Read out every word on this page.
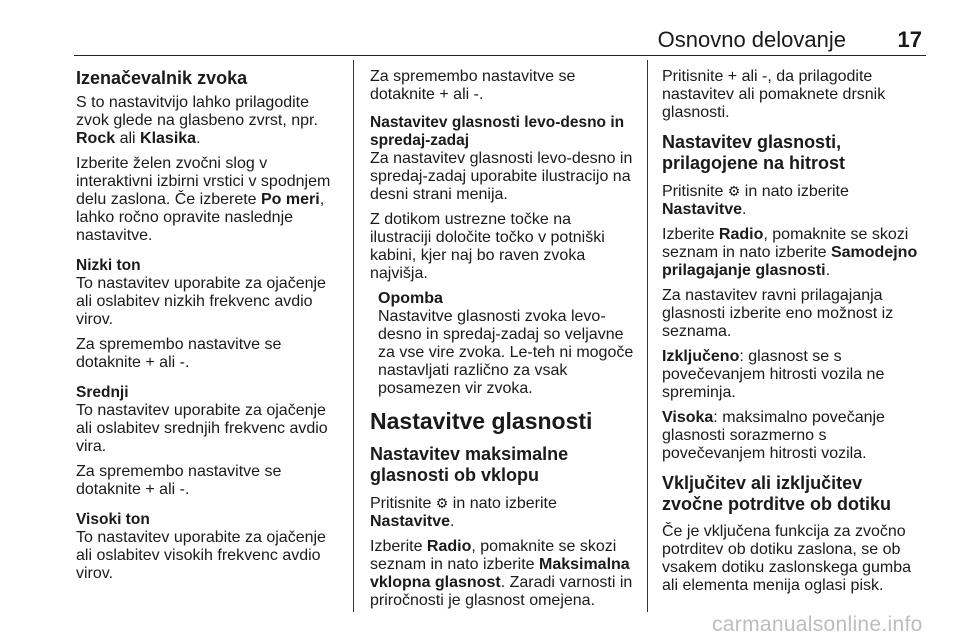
Osnovno delovanje 17
Izenačevalnik zvoka

S to nastavitvijo lahko prilagodite zvok glede na glasbeno zvrst, npr. Rock ali Klasika.

Izberite želen zvočni slog v interaktivni izbirni vrstici v spodnjem delu zaslona. Če izberete Po meri, lahko ročno opravite naslednje nastavitve.

Nizki ton

To nastavitev uporabite za ojačenje ali oslabitev nizkih frekvenc avdio virov.

Za spremembo nastavitve se dotaknite + ali -.

Srednji

To nastavitev uporabite za ojačenje ali oslabitev srednjih frekvenc avdio vira.

Za spremembo nastavitve se dotaknite + ali -.

Visoki ton

To nastavitev uporabite za ojačenje ali oslabitev visokih frekvenc avdio virov.

Za spremembo nastavitve se dotaknite + ali -.

Nastavitev glasnosti levo-desno in spredaj-zadaj

Za nastavitev glasnosti levo-desno in spredaj-zadaj uporabite ilustracijo na desni strani menija.

Z dotikom ustrezne točke na ilustraciji določite točko v potniški kabini, kjer naj bo raven zvoka najvišja.

Opomba
Nastavitve glasnosti zvoka levo-desno in spredaj-zadaj so veljavne za vse vire zvoka. Le-teh ni mogoče nastavljati različno za vsak posamezen vir zvoka.
Nastavitve glasnosti
Nastavitev maksimalne glasnosti ob vklopu

Pritisnite ⚙ in nato izberite Nastavitve.

Izberite Radio, pomaknite se skozi seznam in nato izberite Maksimalna vklopna glasnost. Zaradi varnosti in priročnosti je glasnost omejena.

Pritisnite + ali -, da prilagodite nastavitev ali pomaknete drsnik glasnosti.

Nastavitev glasnosti, prilagojene na hitrost

Pritisnite ⚙ in nato izberite Nastavitve.

Izberite Radio, pomaknite se skozi seznam in nato izberite Samodejno prilagajanje glasnosti.

Za nastavitev ravni prilagajanja glasnosti izberite eno možnost iz seznama.

Izključeno: glasnost se s povečevanjem hitrosti vozila ne spreminja.

Visoka: maksimalno povečanje glasnosti sorazmerno s povečevanjem hitrosti vozila.

Vključitev ali izključitev zvočne potrditve ob dotiku

Če je vključena funkcija za zvočno potrditev ob dotiku zaslona, se ob vsakem dotiku zaslonskega gumba ali elementa menija oglasi pisk.

carmanualsonline.info
